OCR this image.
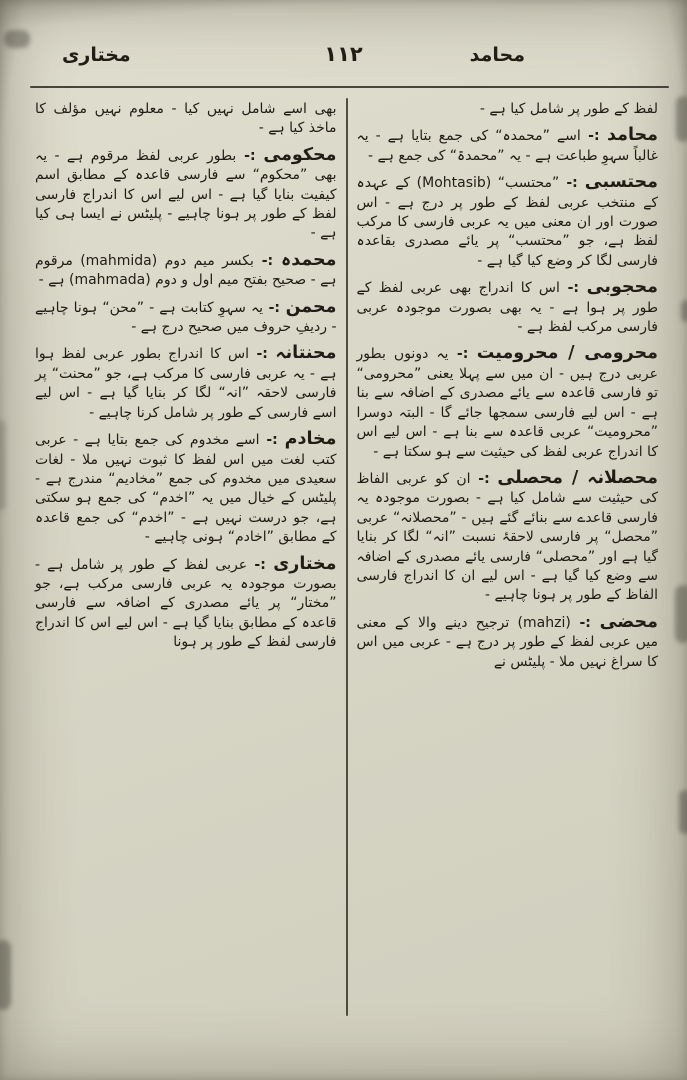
مختاری	۱۱۲	محامد
لفظ کے طور پر شامل کیا ہے -
محامد :- اسے ”محمدہ“ کی جمع بتایا ہے - یہ غالباً سہوِ طباعت ہے - یہ ”محمدۃ“ کی جمع ہے -
محتسبی :- ”محتسب“ (Mohtasib) کے عہدہ کے منتخب عربی لفظ کے طور پر درج ہے - اس صورت اور ان معنی میں یہ عربی فارسی کا مرکب لفظ ہے، جو ”محتسب“ پر یائے مصدری بقاعدہ فارسی لگا کر وضع کیا گیا ہے -
محجوبی :- اس کا اندراج بھی عربی لفظ کے طور پر ہوا ہے - یہ بھی بصورت موجودہ عربی فارسی مرکب لفظ ہے -
محرومی / محرومیت :- یہ دونوں بطور عربی درج ہیں - ان میں سے پہلا یعنی ”محرومی“ تو فارسی قاعدہ سے یائے مصدری کے اضافہ سے بنا ہے - اس لیے فارسی سمجھا جائے گا - البتہ دوسرا ”محرومیت“ عربی قاعدہ سے بنا ہے - اس لیے اس کا اندراج عربی لفظ کی حیثیت سے ہو سکتا ہے -
محصلانہ / محصلی :- ان کو عربی الفاظ کی حیثیت سے شامل کیا ہے - بصورت موجودہ یہ فارسی قاعدے سے بنائے گئے ہیں - ”محصلانہ“ عربی ”محصل“ پر فارسی لاحقۂ نسبت ”انہ“ لگا کر بنایا گیا ہے اور ”محصلی“ فارسی یائے مصدری کے اضافہ سے وضع کیا گیا ہے - اس لیے ان کا اندراج فارسی الفاظ کے طور پر ہونا چاہیے -
محضی :- (mahzi) ترجیح دینے والا کے معنی میں عربی لفظ کے طور پر درج ہے - عربی میں اس کا سراغ نہیں ملا - پلیٹس نے
بھی اسے شامل نہیں کیا - معلوم نہیں مؤلف کا ماخذ کیا ہے -
محکومی :- بطور عربی لفظ مرقوم ہے - یہ بھی ”محکوم“ سے فارسی قاعدہ کے مطابق اسم کیفیت بنایا گیا ہے - اس لیے اس کا اندراج فارسی لفظ کے طور پر ہونا چاہیے - پلیٹس نے ایسا ہی کیا ہے -
محمدہ :- بکسر میم دوم (mahmida) مرقوم ہے - صحیح بفتح میم اول و دوم (mahmada) ہے -
محمن :- یہ سہوِ کتابت ہے - ”محن“ ہونا چاہیے - ردیفِ حروف میں صحیح درج ہے -
محنتانہ :- اس کا اندراج بطور عربی لفظ ہوا ہے - یہ عربی فارسی کا مرکب ہے، جو ”محنت“ پر فارسی لاحقہ ”انہ“ لگا کر بنایا گیا ہے - اس لیے اسے فارسی کے طور پر شامل کرنا چاہیے -
مخادم :- اسے مخدوم کی جمع بتایا ہے - عربی کتب لغت میں اس لفظ کا ثبوت نہیں ملا - لغات سعیدی میں مخدوم کی جمع ”مخادیم“ مندرج ہے - پلیٹس کے خیال میں یہ ”اخدم“ کی جمع ہو سکتی ہے، جو درست نہیں ہے - ”اخدم“ کی جمع قاعدہ کے مطابق ”اخادم“ ہونی چاہیے -
مختاری :- عربی لفظ کے طور پر شامل ہے - بصورت موجودہ یہ عربی فارسی مرکب ہے، جو ”مختار“ پر یائے مصدری کے اضافہ سے فارسی قاعدہ کے مطابق بنایا گیا ہے - اس لیے اس کا اندراج فارسی لفظ کے طور پر ہونا
